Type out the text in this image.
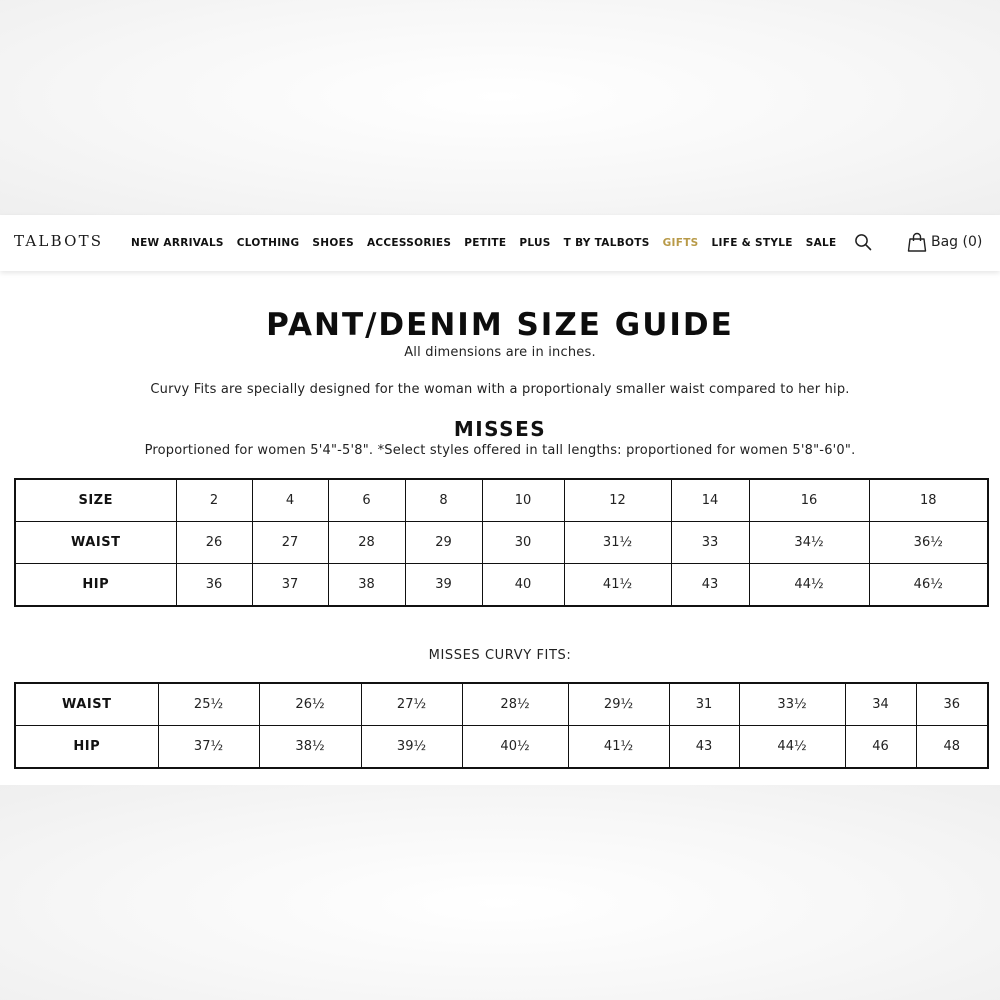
TALBOTS	NEW ARRIVALS CLOTHING SHOES ACCESSORIES PETITE PLUS T BY TALBOTS GIFTS LIFE & STYLE SALE	Bag (0)
PANT/DENIM SIZE GUIDE
All dimensions are in inches.
Curvy Fits are specially designed for the woman with a proportionaly smaller waist compared to her hip.
MISSES
Proportioned for women 5'4"-5'8". *Select styles offered in tall lengths: proportioned for women 5'8"-6'0".
SIZE	2	4	6	8	10	12	14	16	18
WAIST	26	27	28	29	30	31½	33	34½	36½
HIP	36	37	38	39	40	41½	43	44½	46½
MISSES CURVY FITS:
WAIST	25½	26½	27½	28½	29½	31	33½	34	36
HIP	37½	38½	39½	40½	41½	43	44½	46	48
